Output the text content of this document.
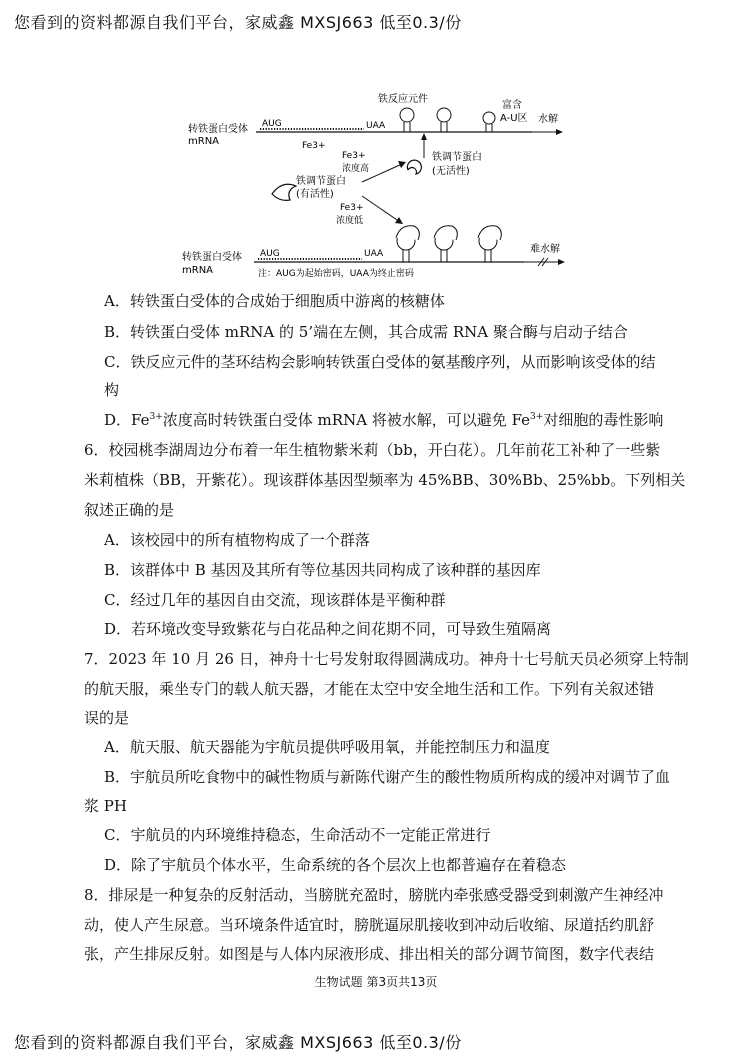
您看到的资料都源自我们平台，家威鑫 MXSJ663 低至0.3/份
转铁蛋白受体
mRNA
AUG	UAA
铁反应元件
富含
A-U区 水解
Fe3+
Fe3+
浓度高
铁调节蛋白
(无活性)
铁调节蛋白
(有活性)
Fe3+
浓度低
转铁蛋白受体
mRNA
AUG	UAA	难水解
注：AUG为起始密码，UAA为终止密码
A．转铁蛋白受体的合成始于细胞质中游离的核糖体
B．转铁蛋白受体 mRNA 的 5’端在左侧，其合成需 RNA 聚合酶与启动子结合
C．铁反应元件的茎环结构会影响转铁蛋白受体的氨基酸序列，从而影响该受体的结
构
D．$Fe^{3+}$浓度高时转铁蛋白受体 mRNA 将被水解，可以避免 $Fe^{3+}$对细胞的毒性影响
6．校园桃李湖周边分布着一年生植物紫米莉（bb，开白花）。几年前花工补种了一些紫
米莉植株（BB，开紫花）。现该群体基因型频率为 45%BB、30%Bb、25%bb。下列相关
叙述正确的是
A．该校园中的所有植物构成了一个群落
B．该群体中 B 基因及其所有等位基因共同构成了该种群的基因库
C．经过几年的基因自由交流，现该群体是平衡种群
D．若环境改变导致紫花与白花品种之间花期不同，可导致生殖隔离
7．2023 年 10 月 26 日，神舟十七号发射取得圆满成功。神舟十七号航天员必须穿上特制
的航天服，乘坐专门的载人航天器，才能在太空中安全地生活和工作。下列有关叙述错
误的是
A．航天服、航天器能为宇航员提供呼吸用氧，并能控制压力和温度
B．宇航员所吃食物中的碱性物质与新陈代谢产生的酸性物质所构成的缓冲对调节了血
浆 PH
C．宇航员的内环境维持稳态，生命活动不一定能正常进行
D．除了宇航员个体水平，生命系统的各个层次上也都普遍存在着稳态
8．排尿是一种复杂的反射活动，当膀胱充盈时，膀胱内牵张感受器受到刺激产生神经冲
动，使人产生尿意。当环境条件适宜时，膀胱逼尿肌接收到冲动后收缩、尿道括约肌舒
张，产生排尿反射。如图是与人体内尿液形成、排出相关的部分调节简图，数字代表结
生物试题 第3页共13页
您看到的资料都源自我们平台，家威鑫 MXSJ663 低至0.3/份
